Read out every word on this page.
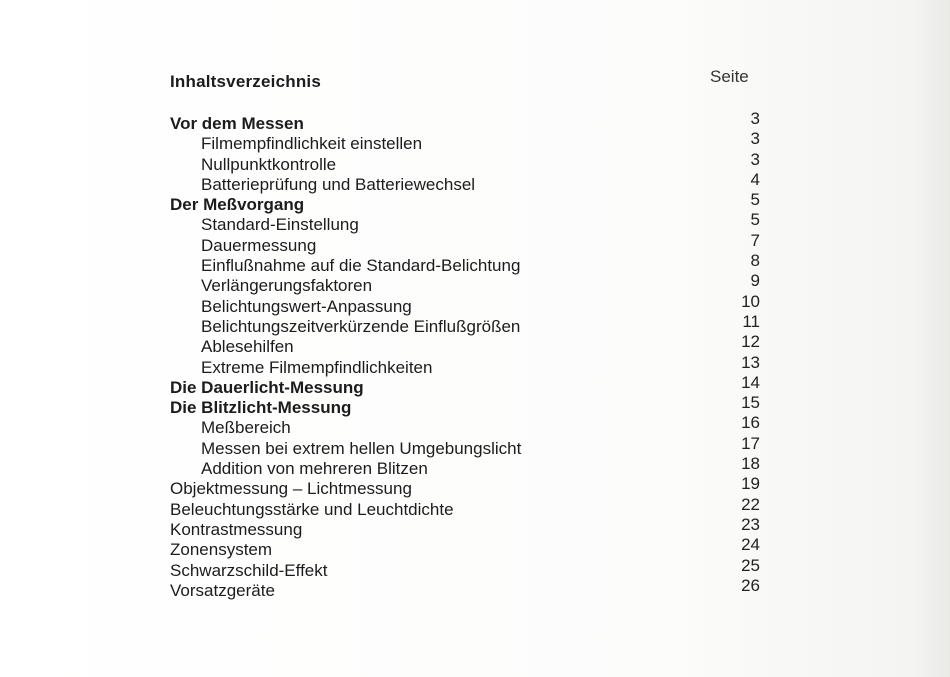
Inhaltsverzeichnis	Seite
Vor dem Messen
Filmempfindlichkeit einstellen
Nullpunktkontrolle
Batterieprüfung und Batteriewechsel
Der Meßvorgang
Standard-Einstellung
Dauermessung
Einflußnahme auf die Standard-Belichtung
Verlängerungsfaktoren
Belichtungswert-Anpassung
Belichtungszeitverkürzende Einflußgrößen
Ablesehilfen
Extreme Filmempfindlichkeiten
Die Dauerlicht-Messung
Die Blitzlicht-Messung
Meßbereich
Messen bei extrem hellen Umgebungslicht
Addition von mehreren Blitzen
Objektmessung – Lichtmessung
Beleuchtungsstärke und Leuchtdichte
Kontrastmessung
Zonensystem
Schwarzschild-Effekt
Vorsatzgeräte
3
3
3
4
5
5
7
8
9
10
11
12
13
14
15
16
17
18
19
22
23
24
25
26
